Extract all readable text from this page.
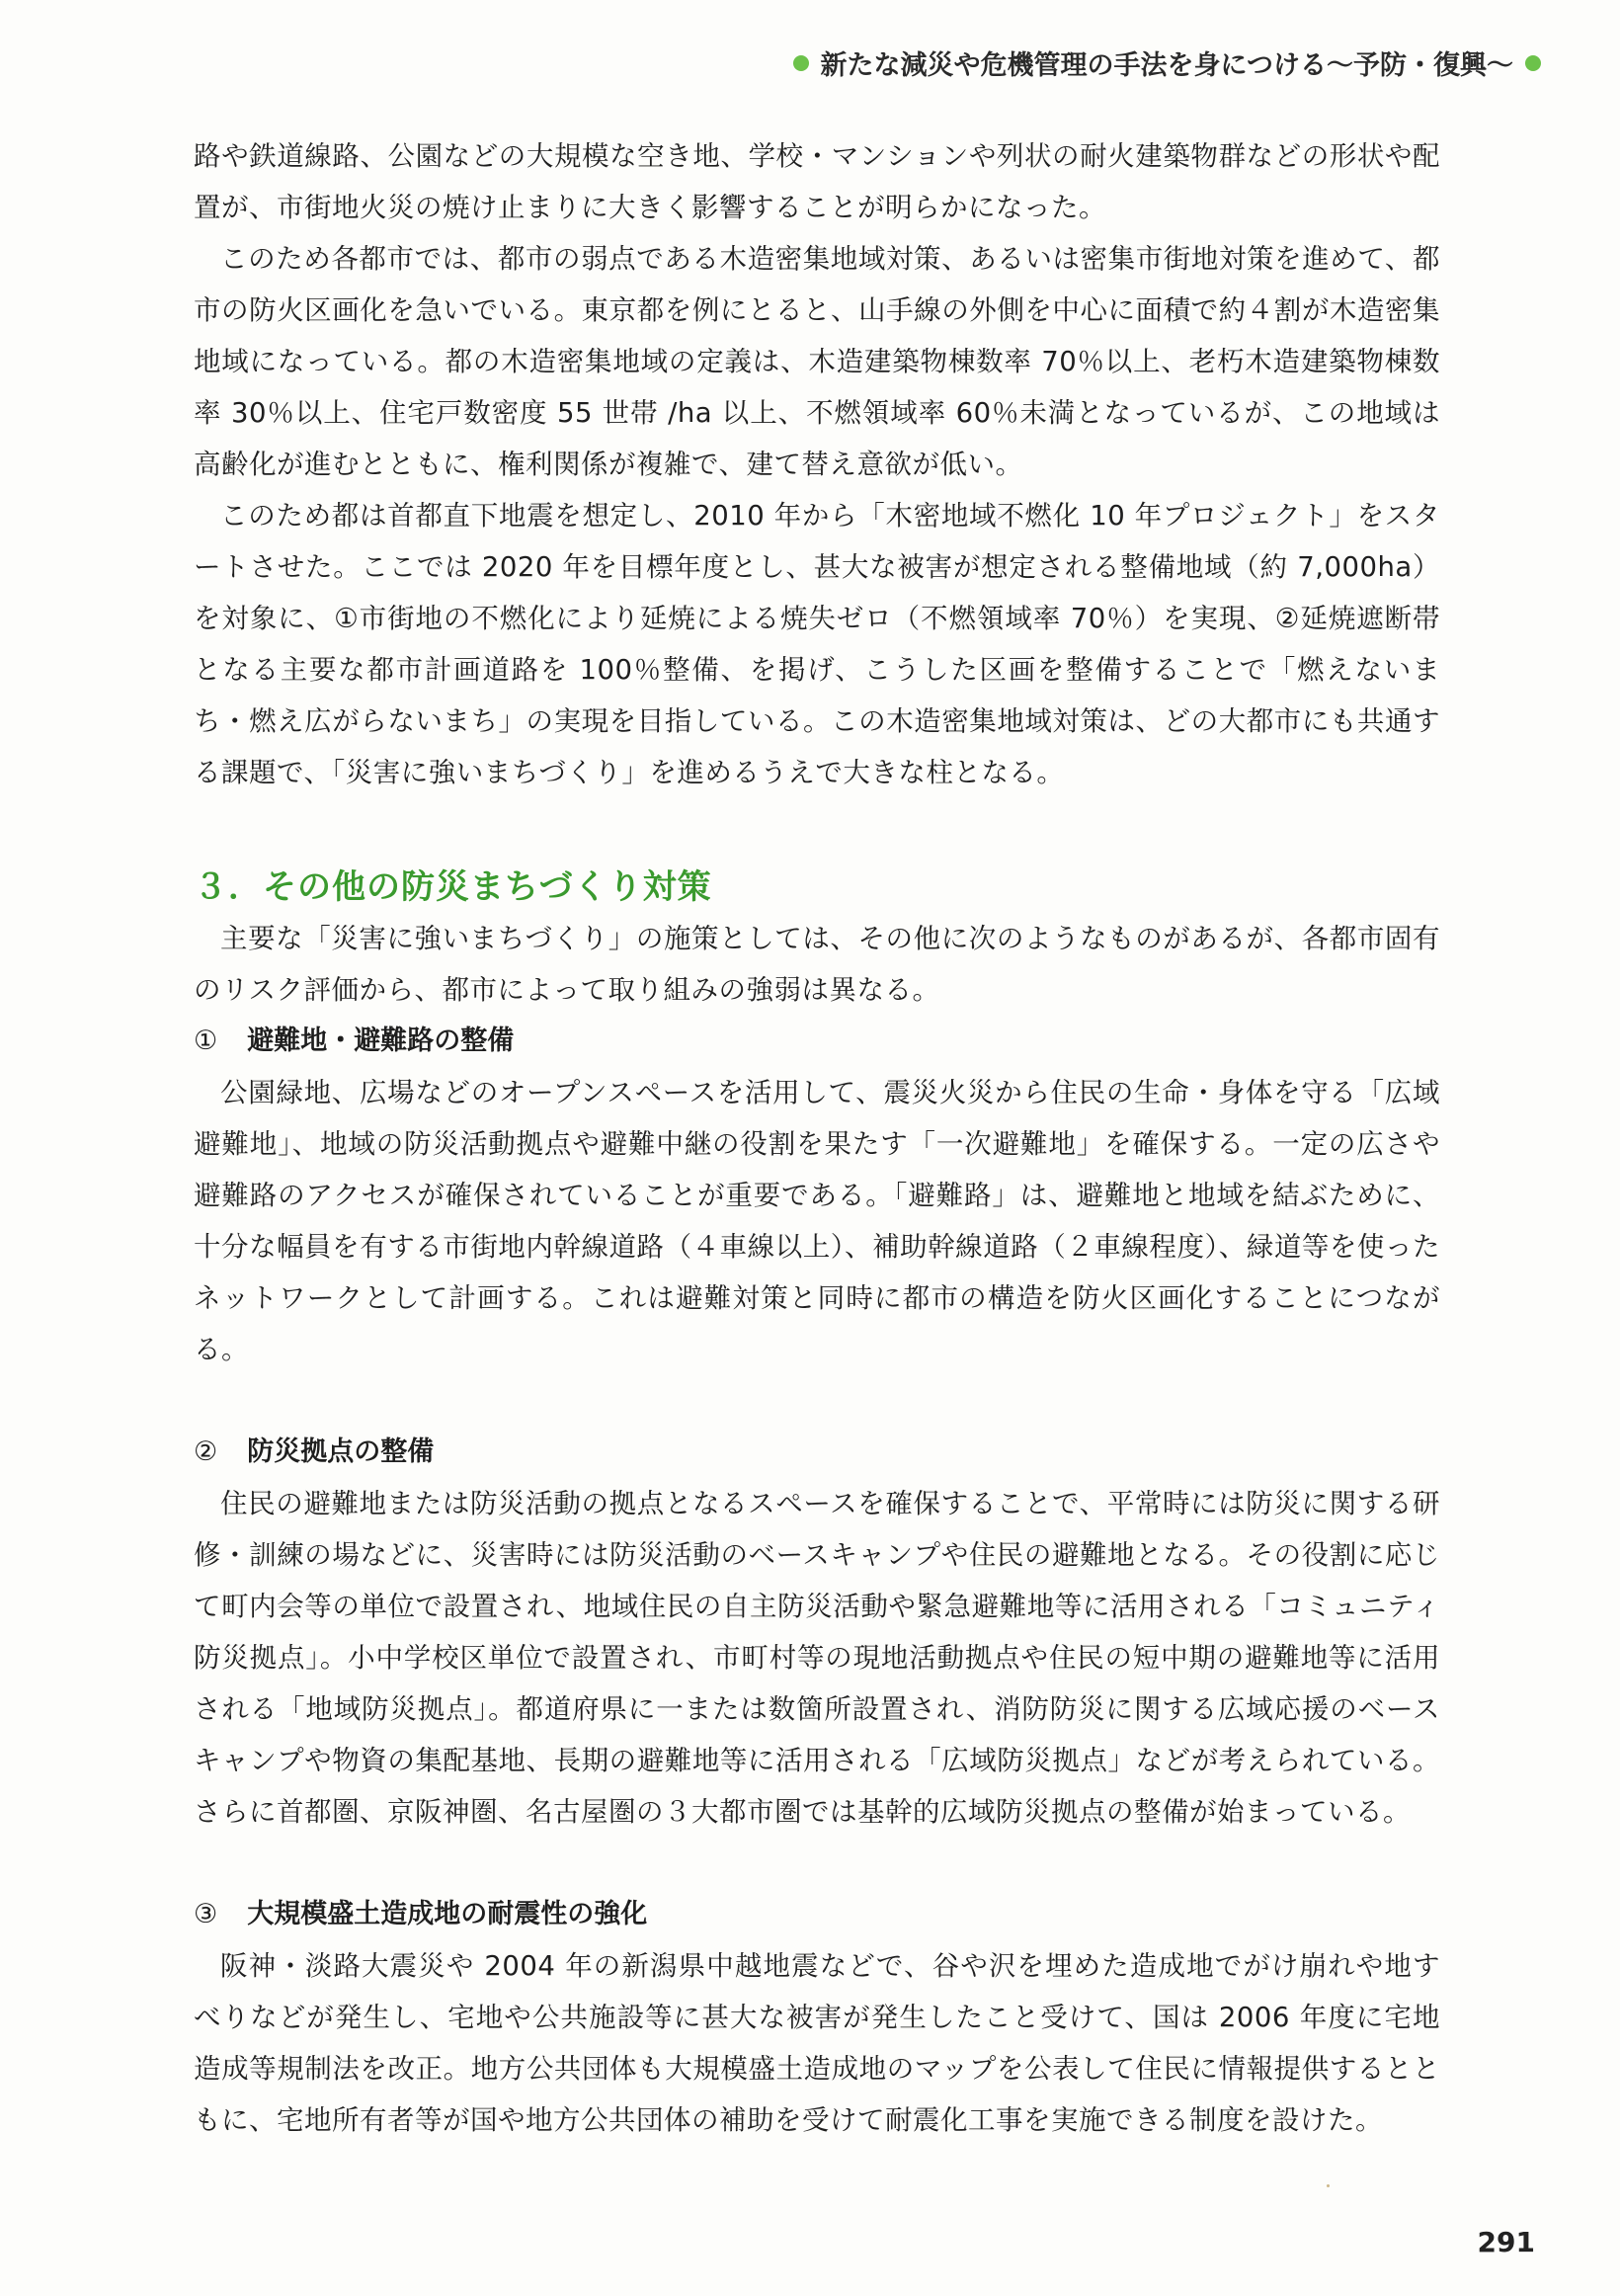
新たな減災や危機管理の手法を身につける〜予防・復興〜

路や鉄道線路、公園などの大規模な空き地、学校・マンションや列状の耐火建築物群などの形状や配置が、市街地火災の焼け止まりに大きく影響することが明らかになった。

このため各都市では、都市の弱点である木造密集地域対策、あるいは密集市街地対策を進めて、都市の防火区画化を急いでいる。東京都を例にとると、山手線の外側を中心に面積で約４割が木造密集地域になっている。都の木造密集地域の定義は、木造建築物棟数率 70％以上、老朽木造建築物棟数率 30％以上、住宅戸数密度 55 世帯 /ha 以上、不燃領域率 60％未満となっているが、この地域は高齢化が進むとともに、権利関係が複雑で、建て替え意欲が低い。

このため都は首都直下地震を想定し、2010 年から「木密地域不燃化 10 年プロジェクト」をスタートさせた。ここでは 2020 年を目標年度とし、甚大な被害が想定される整備地域（約 7,000ha）を対象に、①市街地の不燃化により延焼による焼失ゼロ（不燃領域率 70％）を実現、②延焼遮断帯となる主要な都市計画道路を 100％整備、を掲げ、こうした区画を整備することで「燃えないまち・燃え広がらないまち」の実現を目指している。この木造密集地域対策は、どの大都市にも共通する課題で、「災害に強いまちづくり」を進めるうえで大きな柱となる。

３．その他の防災まちづくり対策

主要な「災害に強いまちづくり」の施策としては、その他に次のようなものがあるが、各都市固有のリスク評価から、都市によって取り組みの強弱は異なる。

① 避難地・避難路の整備

公園緑地、広場などのオープンスペースを活用して、震災火災から住民の生命・身体を守る「広域避難地」、地域の防災活動拠点や避難中継の役割を果たす「一次避難地」を確保する。一定の広さや避難路のアクセスが確保されていることが重要である。「避難路」は、避難地と地域を結ぶために、十分な幅員を有する市街地内幹線道路（４車線以上）、補助幹線道路（２車線程度）、緑道等を使ったネットワークとして計画する。これは避難対策と同時に都市の構造を防火区画化することにつながる。

② 防災拠点の整備

住民の避難地または防災活動の拠点となるスペースを確保することで、平常時には防災に関する研修・訓練の場などに、災害時には防災活動のベースキャンプや住民の避難地となる。その役割に応じて町内会等の単位で設置され、地域住民の自主防災活動や緊急避難地等に活用される「コミュニティ防災拠点」。小中学校区単位で設置され、市町村等の現地活動拠点や住民の短中期の避難地等に活用される「地域防災拠点」。都道府県に一または数箇所設置され、消防防災に関する広域応援のベースキャンプや物資の集配基地、長期の避難地等に活用される「広域防災拠点」などが考えられている。さらに首都圏、京阪神圏、名古屋圏の３大都市圏では基幹的広域防災拠点の整備が始まっている。

③ 大規模盛土造成地の耐震性の強化

阪神・淡路大震災や 2004 年の新潟県中越地震などで、谷や沢を埋めた造成地でがけ崩れや地すべりなどが発生し、宅地や公共施設等に甚大な被害が発生したこと受けて、国は 2006 年度に宅地造成等規制法を改正。地方公共団体も大規模盛土造成地のマップを公表して住民に情報提供するとともに、宅地所有者等が国や地方公共団体の補助を受けて耐震化工事を実施できる制度を設けた。

291
